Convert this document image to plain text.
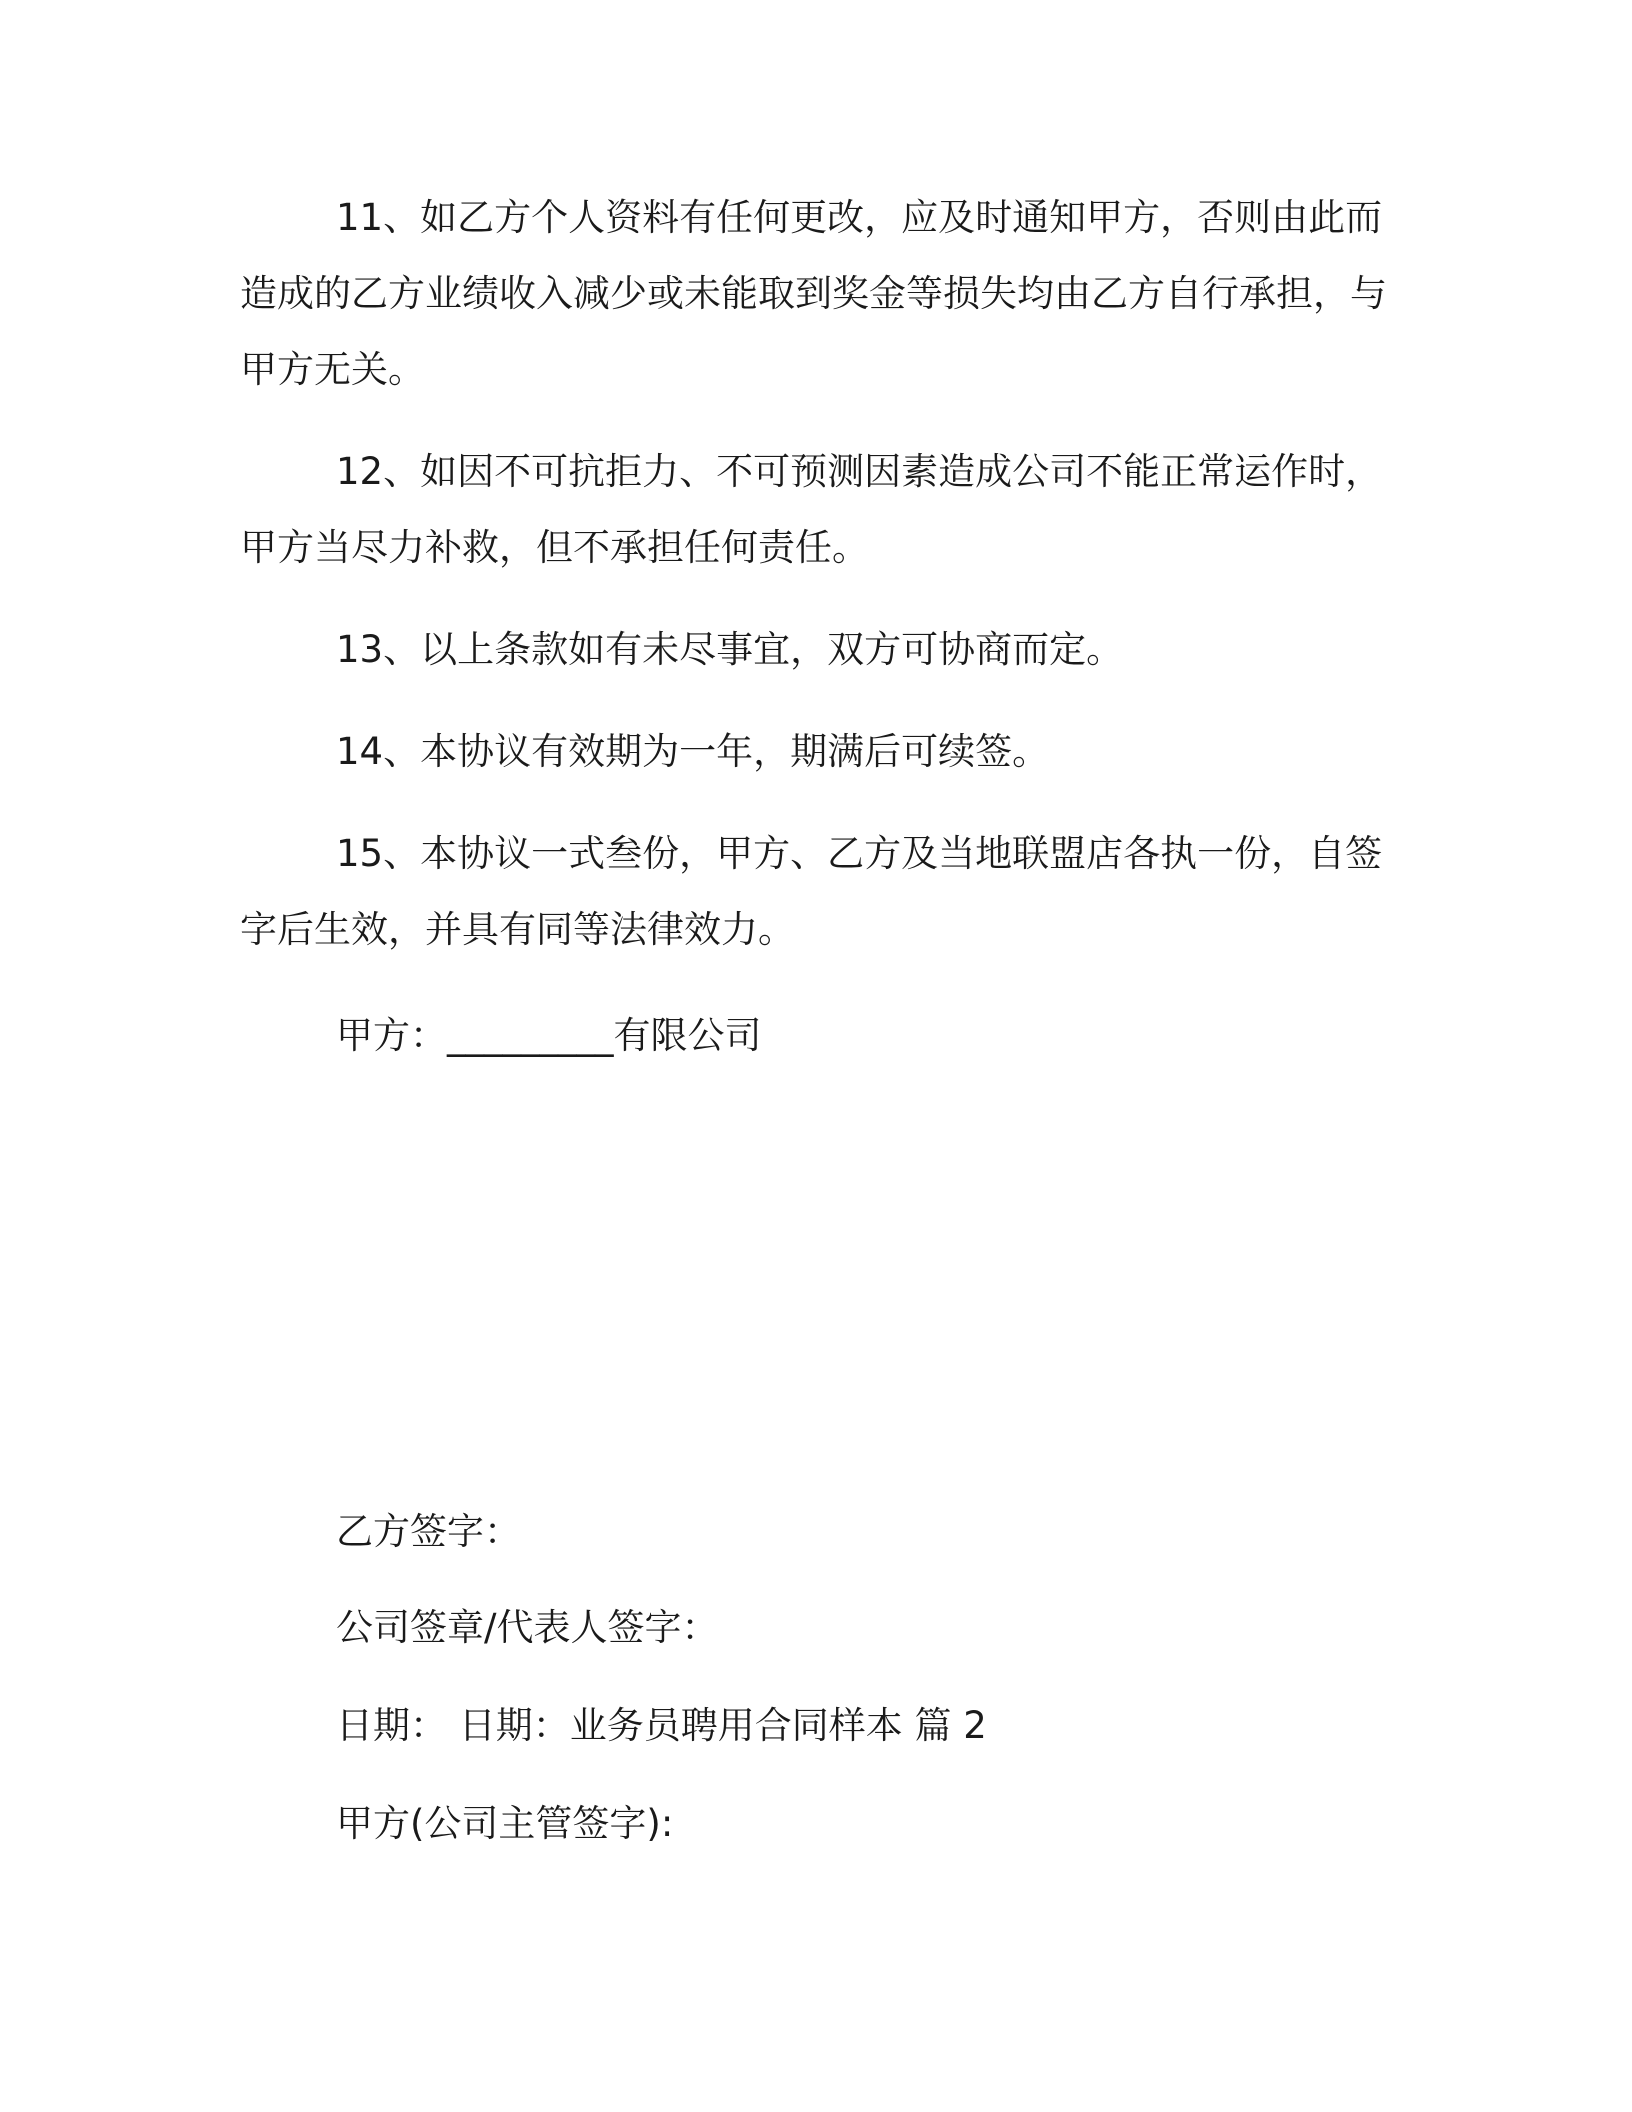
11、如乙方个人资料有任何更改，应及时通知甲方，否则由此而造成的乙方业绩收入减少或未能取到奖金等损失均由乙方自行承担，与甲方无关。

12、如因不可抗拒力、不可预测因素造成公司不能正常运作时，甲方当尽力补救，但不承担任何责任。

13、以上条款如有未尽事宜，双方可协商而定。

14、本协议有效期为一年，期满后可续签。

15、本协议一式叁份，甲方、乙方及当地联盟店各执一份，自签字后生效，并具有同等法律效力。

甲方：_________有限公司

乙方签字：

公司签章/代表人签字：

日期： 日期：业务员聘用合同样本 篇 2

甲方(公司主管签字):
